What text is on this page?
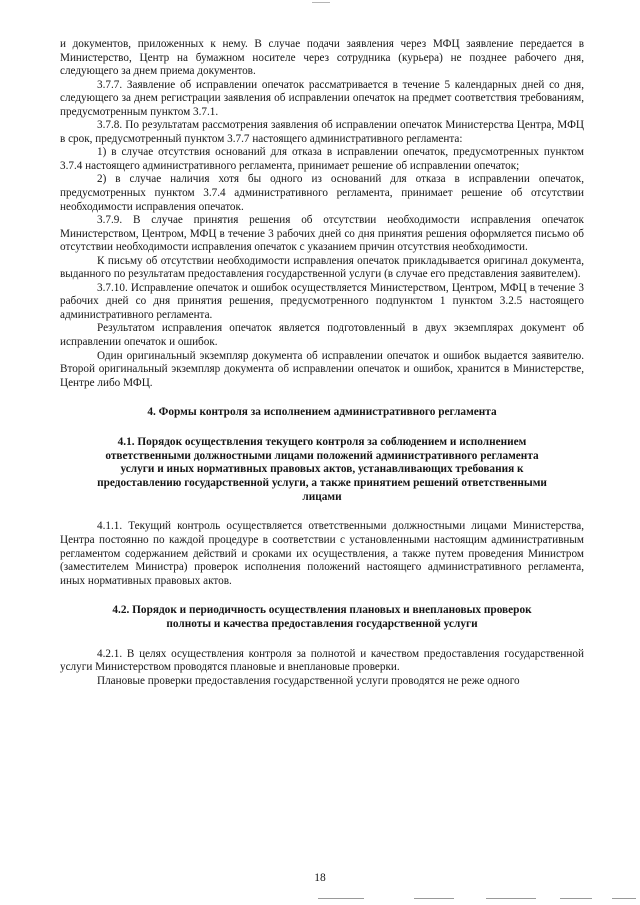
и документов, приложенных к нему. В случае подачи заявления через МФЦ заявление передается в Министерство, Центр на бумажном носителе через сотрудника (курьера) не позднее рабочего дня, следующего за днем приема документов.

3.7.7. Заявление об исправлении опечаток рассматривается в течение 5 календарных дней со дня, следующего за днем регистрации заявления об исправлении опечаток на предмет соответствия требованиям, предусмотренным пунктом 3.7.1.

3.7.8. По результатам рассмотрения заявления об исправлении опечаток Министерства Центра, МФЦ в срок, предусмотренный пунктом 3.7.7 настоящего административного регламента:

1) в случае отсутствия оснований для отказа в исправлении опечаток, предусмотренных пунктом 3.7.4 настоящего административного регламента, принимает решение об исправлении опечаток;

2) в случае наличия хотя бы одного из оснований для отказа в исправлении опечаток, предусмотренных пунктом 3.7.4 административного регламента, принимает решение об отсутствии необходимости исправления опечаток.

3.7.9. В случае принятия решения об отсутствии необходимости исправления опечаток Министерством, Центром, МФЦ в течение 3 рабочих дней со дня принятия решения оформляется письмо об отсутствии необходимости исправления опечаток с указанием причин отсутствия необходимости.

К письму об отсутствии необходимости исправления опечаток прикладывается оригинал документа, выданного по результатам предоставления государственной услуги (в случае его представления заявителем).

3.7.10. Исправление опечаток и ошибок осуществляется Министерством, Центром, МФЦ в течение 3 рабочих дней со дня принятия решения, предусмотренного подпунктом 1 пунктом 3.2.5 настоящего административного регламента.

Результатом исправления опечаток является подготовленный в двух экземплярах документ об исправлении опечаток и ошибок.

Один оригинальный экземпляр документа об исправлении опечаток и ошибок выдается заявителю. Второй оригинальный экземпляр документа об исправлении опечаток и ошибок, хранится в Министерстве, Центре либо МФЦ.

4. Формы контроля за исполнением административного регламента

4.1. Порядок осуществления текущего контроля за соблюдением и исполнением ответственными должностными лицами положений административного регламента услуги и иных нормативных правовых актов, устанавливающих требования к предоставлению государственной услуги, а также принятием решений ответственными лицами

4.1.1. Текущий контроль осуществляется ответственными должностными лицами Министерства, Центра постоянно по каждой процедуре в соответствии с установленными настоящим административным регламентом содержанием действий и сроками их осуществления, а также путем проведения Министром (заместителем Министра) проверок исполнения положений настоящего административного регламента, иных нормативных правовых актов.

4.2. Порядок и периодичность осуществления плановых и внеплановых проверок полноты и качества предоставления государственной услуги

4.2.1. В целях осуществления контроля за полнотой и качеством предоставления государственной услуги Министерством проводятся плановые и внеплановые проверки.

Плановые проверки предоставления государственной услуги проводятся не реже одного

18
